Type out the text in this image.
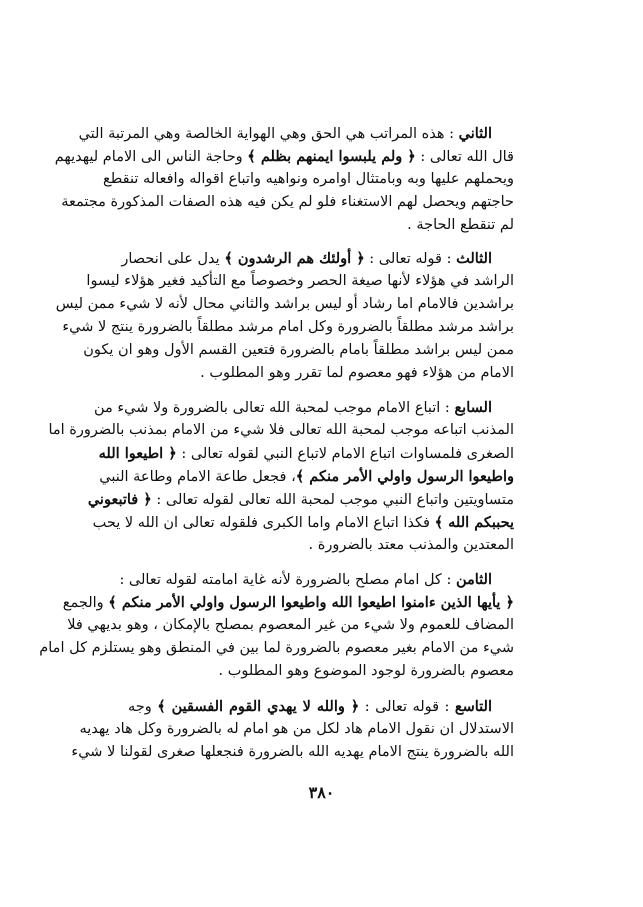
الثاني : هذه المراتب هي الحق وهي الهواية الخالصة وهي المرتبة التي
قال الله تعالى : ﴿ ولم يلبسوا ايمنهم بظلم ﴾ وحاجة الناس الى الامام ليهديهم
ويحملهم عليها وبه وبامتثال اوامره ونواهيه واتباع اقواله وافعاله تنقطع
حاجتهم ويحصل لهم الاستغناء فلو لم يكن فيه هذه الصفات المذكورة مجتمعة
لم تنقطع الحاجة .
الثالث : قوله تعالى : ﴿ أولئك هم الرشدون ﴾ يدل على انحصار
الراشد في هؤلاء لأنها صيغة الحصر وخصوصاً مع التأكيد فغير هؤلاء ليسوا
براشدين فالامام اما رشاد أو ليس براشد والثاني محال لأنه لا شيء ممن ليس
براشد مرشد مطلقاً بالضرورة وكل امام مرشد مطلقاً بالضرورة ينتج لا شيء
ممن ليس براشد مطلقاً بامام بالضرورة فتعين القسم الأول وهو ان يكون
الامام من هؤلاء فهو معصوم لما تقرر وهو المطلوب .
السابع : اتباع الامام موجب لمحبة الله تعالى بالضرورة ولا شيء من
المذنب اتباعه موجب لمحبة الله تعالى فلا شيء من الامام بمذنب بالضرورة اما
الصغرى فلمساوات اتباع الامام لاتباع النبي لقوله تعالى : ﴿ اطيعوا الله
واطيعوا الرسول واولي الأمر منكم ﴾، فجعل طاعة الامام وطاعة النبي
متساويتين واتباع النبي موجب لمحبة الله تعالى لقوله تعالى : ﴿ فاتبعوني
يحببكم الله ﴾ فكذا اتباع الامام واما الكبرى فلقوله تعالى ان الله لا يحب
المعتدين والمذنب معتد بالضرورة .
الثامن : كل امام مصلح بالضرورة لأنه غاية امامته لقوله تعالى :
﴿ يأيها الذين ءامنوا اطيعوا الله واطيعوا الرسول واولي الأمر منكم ﴾ والجمع
المضاف للعموم ولا شيء من غير المعصوم بمصلح بالإمكان ، وهو بديهي فلا
شيء من الامام بغير معصوم بالضرورة لما بين في المنطق وهو يستلزم كل امام
معصوم بالضرورة لوجود الموضوع وهو المطلوب .
التاسع : قوله تعالى : ﴿ والله لا يهدي القوم الفسقين ﴾ وجه
الاستدلال ان نقول الامام هاد لكل من هو امام له بالضرورة وكل هاد يهديه
الله بالضرورة ينتج الامام يهديه الله بالضرورة فنجعلها صغرى لقولنا لا شيء
٣٨٠
